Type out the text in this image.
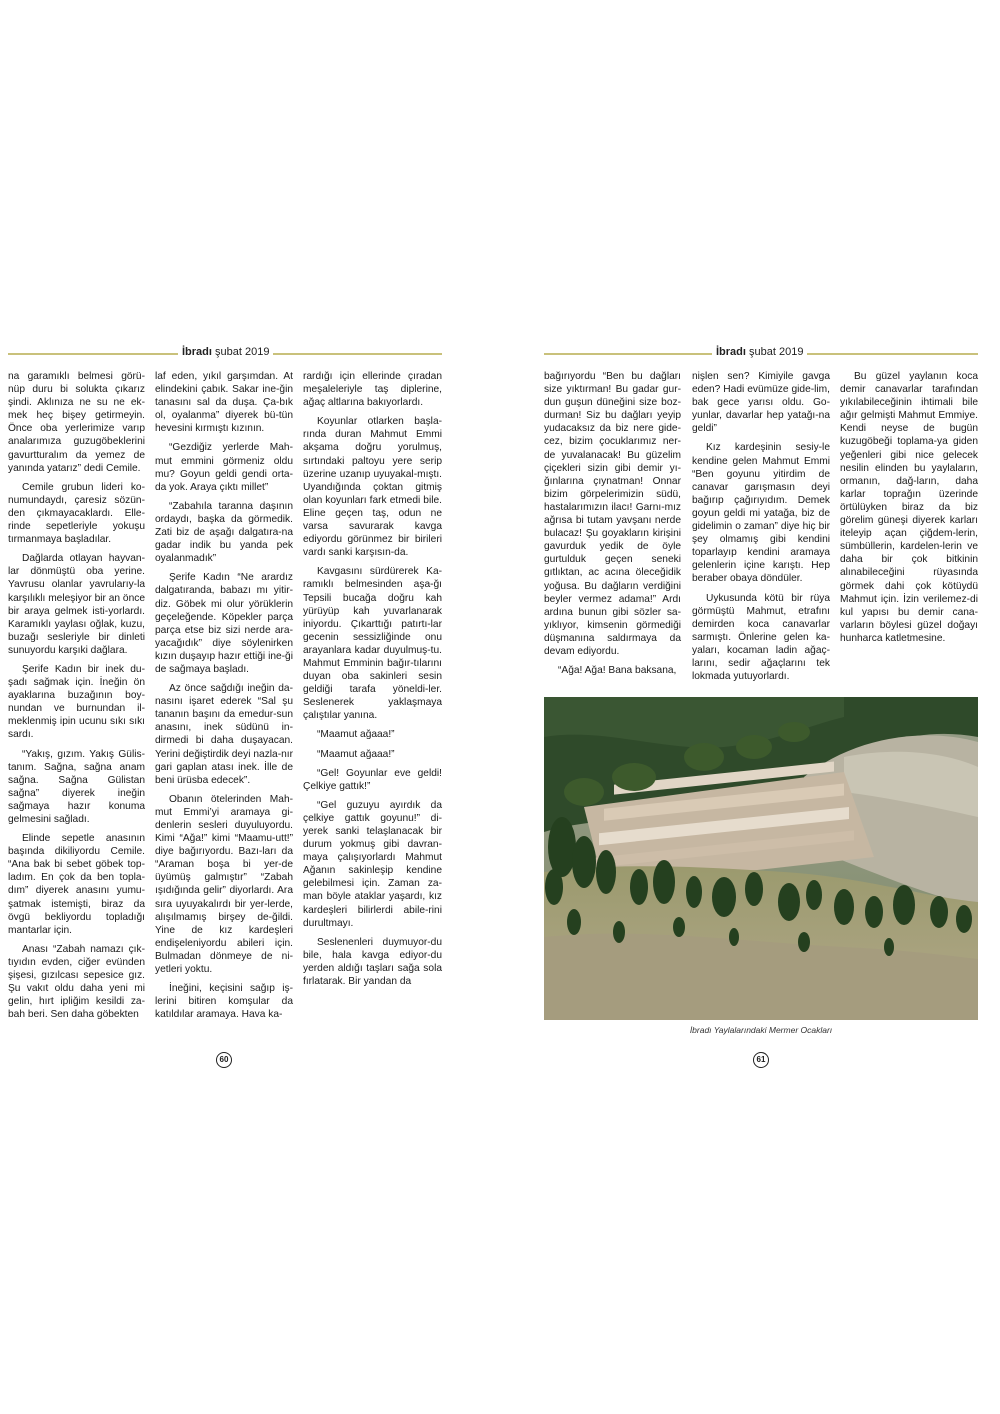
İbradı şubat 2019

na garamıklı belmesi görü-nüp duru bi solukta çıkarız şindi. Aklınıza ne su ne ek-mek heç bişey getirmeyin. Önce oba yerlerimize varıp analarımıza guzugöbeklerini gavurtturalım da yemez de yanında yatarız” dedi Cemile.

Cemile grubun lideri ko-numundaydı, çaresiz sözün-den çıkmayacaklardı. Elle-rinde sepetleriyle yokuşu tırmanmaya başladılar.

Dağlarda otlayan hayvan-lar dönmüştü oba yerine. Yavrusu olanlar yavrularıy-la karşılıklı meleşiyor bir an önce bir araya gelmek isti-yorlardı. Karamıklı yaylası oğlak, kuzu, buzağı sesleriyle bir dinleti sunuyordu karşıki dağlara.

Şerife Kadın bir inek du-şadı sağmak için. İneğin ön ayaklarına buzağının boy-nundan ve burnundan il-meklenmiş ipin ucunu sıkı sıkı sardı.

“Yakış, gızım. Yakış Gülis-tanım. Sağna, sağna anam sağna. Sağna Gülistan sağna” diyerek ineğin sağmaya hazır konuma gelmesini sağladı.

Elinde sepetle anasının başında dikiliyordu Cemile. “Ana bak bi sebet göbek top-ladım. En çok da ben topla-dım” diyerek anasını yumu-şatmak istemişti, biraz da övgü bekliyordu topladığı mantarlar için.

Anası “Zabah namazı çık-tıyıdın evden, ciğer evünden şişesi, gızılcası sepesice gız. Şu vakıt oldu daha yeni mi gelin, hırt ipliğim kesildi za-bah beri. Sen daha göbekten

laf eden, yıkıl garşımdan. At elindekini çabık. Sakar ine-ğin tanasını sal da duşa. Ça-bık ol, oyalanma” diyerek bü-tün hevesini kırmıştı kızının.

“Gezdiğiz yerlerde Mah-mut emmini görmeniz oldu mu? Goyun geldi gendi orta-da yok. Araya çıktı millet”

“Zabahıla taranna daşının ordaydı, başka da görmedik. Zati biz de aşağı dalgatıra-na gadar indik bu yanda pek oyalanmadık”

Şerife Kadın “Ne arardız dalgatıranda, babazı mı yitir-diz. Göbek mi olur yörüklerin geçeleğende. Köpekler parça parça etse biz sizi nerde ara-yacağıdık” diye söylenirken kızın duşayıp hazır ettiği ine-ği de sağmaya başladı.

Az önce sağdığı ineğin da-nasını işaret ederek “Sal şu tananın başını da emedur-sun anasını, inek südünü in-dirmedi bi daha duşayacan. Yerini değiştirdik deyi nazla-nır gari gaplan atası inek. İlle de beni ürüsba edecek”.

Obanın ötelerinden Mah-mut Emmi’yi aramaya gi-denlerin sesleri duyuluyordu. Kimi “Ağa!” kimi “Maamu-utt!” diye bağırıyordu. Bazı-ları da “Araman boşa bi yer-de üyümüş galmıştır” “Zabah ışıdığında gelir” diyorlardı. Ara sıra uyuyakalırdı bir yer-lerde, alışılmamış birşey de-ğildi. Yine de kız kardeşleri endişeleniyordu abileri için. Bulmadan dönmeye de ni-yetleri yoktu.

İneğini, keçisini sağıp iş-lerini bitiren komşular da katıldılar aramaya. Hava ka-

rardığı için ellerinde çıradan meşaleleriyle taş diplerine, ağaç altlarına bakıyorlardı.

Koyunlar otlarken başla-rında duran Mahmut Emmi akşama doğru yorulmuş, sırtındaki paltoyu yere serip üzerine uzanıp uyuyakal-mıştı. Uyandığında çoktan gitmiş olan koyunları fark etmedi bile. Eline geçen taş, odun ne varsa savurarak kavga ediyordu görünmez bir birileri vardı sanki karşısın-da.

Kavgasını sürdürerek Ka-ramıklı belmesinden aşa-ğı Tepsili bucağa doğru kah yürüyüp kah yuvarlanarak iniyordu. Çıkarttığı patırtı-lar gecenin sessizliğinde onu arayanlara kadar duyulmuş-tu. Mahmut Emminin bağır-tılarını duyan oba sakinleri sesin geldiği tarafa yöneldi-ler. Seslenerek yaklaşmaya çalıştılar yanına.

“Maamut ağaaa!”

“Maamut ağaaa!”

“Gel! Goyunlar eve geldi! Çelkiye gattık!”

“Gel guzuyu ayırdık da çelkiye gattık goyunu!” di-yerek sanki telaşlanacak bir durum yokmuş gibi davran-maya çalışıyorlardı Mahmut Ağanın sakinleşip kendine gelebilmesi için. Zaman za-man böyle ataklar yaşardı, kız kardeşleri bilirlerdi abile-rini durultmayı.

Seslenenleri duymuyor-du bile, hala kavga ediyor-du yerden aldığı taşları sağa sola fırlatarak. Bir yandan da

60
İbradı şubat 2019

bağırıyordu “Ben bu dağları size yıktırman! Bu gadar gur-dun guşun düneğini size boz-durman! Siz bu dağları yeyip yudacaksız da biz nere gide-cez, bizim çocuklarımız ner-de yuvalanacak! Bu güzelim çiçekleri sizin gibi demir yı-ğınlarına çıynatman! Onnar bizim görpelerimizin südü, hastalarımızın ilacı! Garnı-mız ağrısa bi tutam yavşanı nerde bulacaz! Şu goyakların kirişini gavurduk yedik de öyle gurtulduk geçen seneki gıtlıktan, ac acına öleceğidik yoğusa. Bu dağların verdiğini beyler vermez adama!” Ardı ardına bunun gibi sözler sa-yıklıyor, kimsenin görmediği düşmanına saldırmaya da devam ediyordu.

“Ağa! Ağa! Bana baksana,

nişlen sen? Kimiyile gavga eden? Hadi evümüze gide-lim, bak gece yarısı oldu. Go-yunlar, davarlar hep yatağı-na geldi”

Kız kardeşinin sesiy-le kendine gelen Mahmut Emmi “Ben goyunu yitirdim de canavar garışmasın deyi bağırıp çağırıyıdım. Demek goyun geldi mi yatağa, biz de gidelimin o zaman” diye hiç bir şey olmamış gibi kendini toparlayıp kendini aramaya gelenlerin içine karıştı. Hep beraber obaya döndüler.

Uykusunda kötü bir rüya görmüştü Mahmut, etrafını demirden koca canavarlar sarmıştı. Önlerine gelen ka-yaları, kocaman ladin ağaç-larını, sedir ağaçlarını tek lokmada yutuyorlardı.

Bu güzel yaylanın koca demir canavarlar tarafından yıkılabileceğinin ihtimali bile ağır gelmişti Mahmut Emmiye. Kendi neyse de bugün kuzugöbeği toplama-ya giden yeğenleri gibi nice gelecek nesilin elinden bu yaylaların, ormanın, dağ-ların, daha karlar toprağın üzerinde örtülüyken biraz da biz görelim güneşi diyerek karları iteleyip açan çiğdem-lerin, sümbüllerin, kardelen-lerin ve daha bir çok bitkinin alınabileceğini rüyasında görmek dahi çok kötüydü Mahmut için. İzin verilemez-di kul yapısı bu demir cana-varların böylesi güzel doğayı hunharca katletmesine.

61
İbradı Yaylalarındaki Mermer Ocakları
